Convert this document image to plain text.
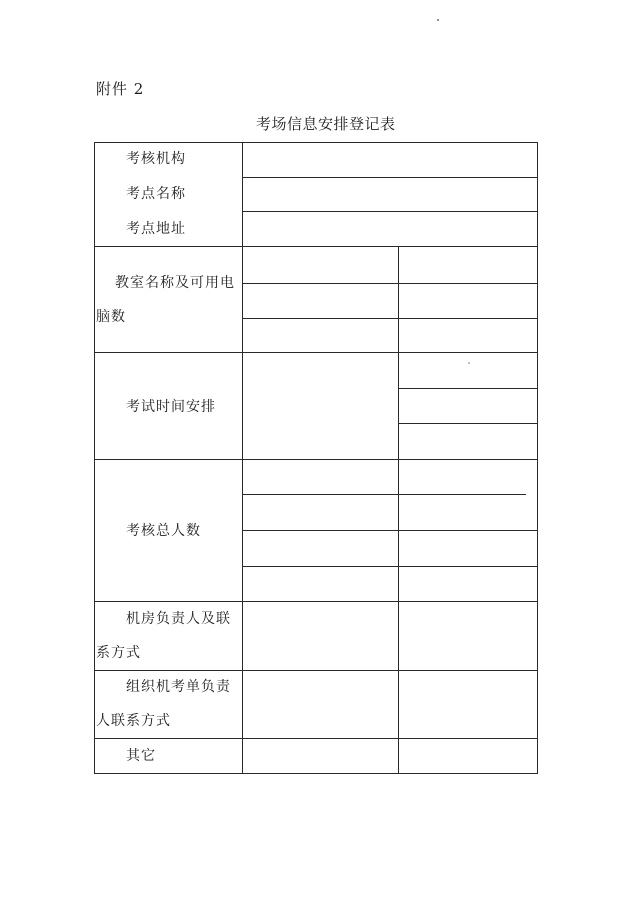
附件 2
考场信息安排登记表
考核机构
考点名称
考点地址
教室名称及可用电
脑数
考试时间安排
考核总人数
机房负责人及联
系方式
组织机考单负责
人联系方式
其它
